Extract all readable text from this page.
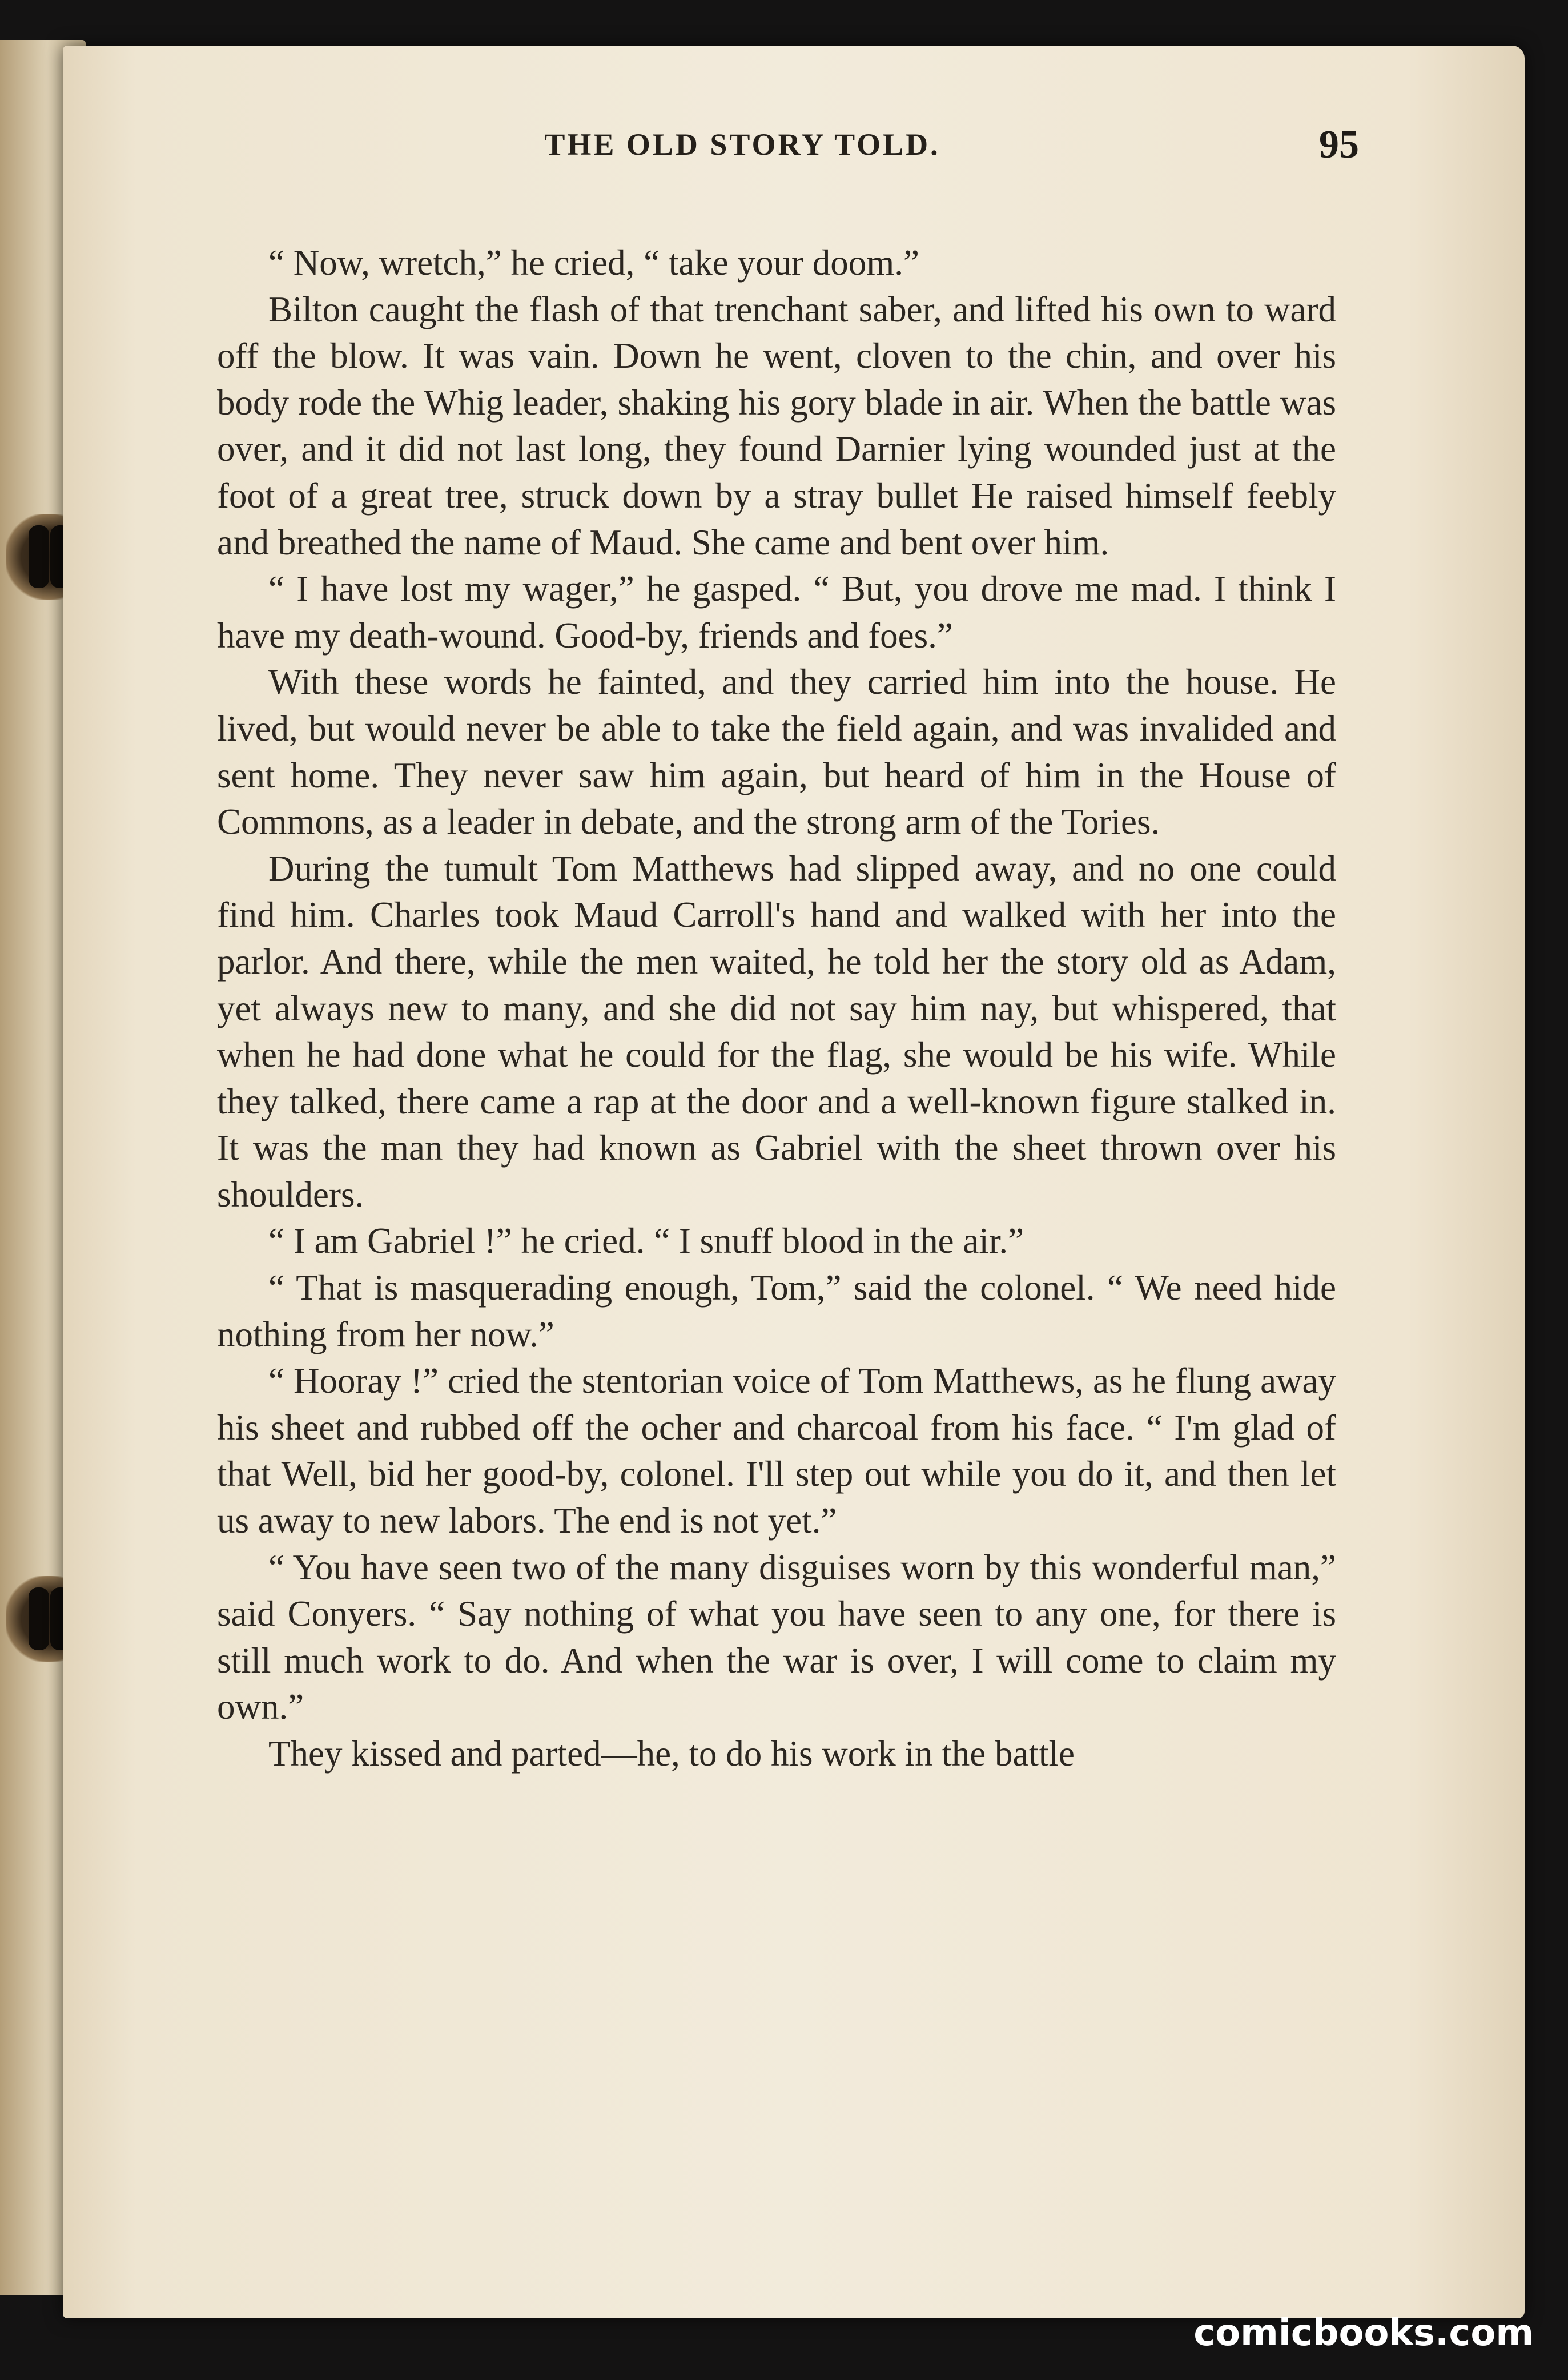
THE OLD STORY TOLD.	95

“ Now, wretch,” he cried, “ take your doom.”

Bilton caught the flash of that trenchant saber, and lifted his own to ward off the blow. It was vain. Down he went, cloven to the chin, and over his body rode the Whig leader, shaking his gory blade in air. When the battle was over, and it did not last long, they found Darnier lying wounded just at the foot of a great tree, struck down by a stray bullet He raised himself feebly and breathed the name of Maud. She came and bent over him.

“ I have lost my wager,” he gasped. “ But, you drove me mad. I think I have my death-wound. Good-by, friends and foes.”

With these words he fainted, and they carried him into the house. He lived, but would never be able to take the field again, and was invalided and sent home. They never saw him again, but heard of him in the House of Commons, as a leader in debate, and the strong arm of the Tories.

During the tumult Tom Matthews had slipped away, and no one could find him. Charles took Maud Carroll's hand and walked with her into the parlor. And there, while the men waited, he told her the story old as Adam, yet always new to many, and she did not say him nay, but whispered, that when he had done what he could for the flag, she would be his wife. While they talked, there came a rap at the door and a well-known figure stalked in. It was the man they had known as Gabriel with the sheet thrown over his shoulders.

“ I am Gabriel !” he cried. “ I snuff blood in the air.”

“ That is masquerading enough, Tom,” said the colonel. “ We need hide nothing from her now.”

“ Hooray !” cried the stentorian voice of Tom Matthews, as he flung away his sheet and rubbed off the ocher and charcoal from his face. “ I'm glad of that Well, bid her good-by, colonel. I'll step out while you do it, and then let us away to new labors. The end is not yet.”

“ You have seen two of the many disguises worn by this wonderful man,” said Conyers. “ Say nothing of what you have seen to any one, for there is still much work to do. And when the war is over, I will come to claim my own.”

They kissed and parted—he, to do his work in the battle

comicbooks.com
